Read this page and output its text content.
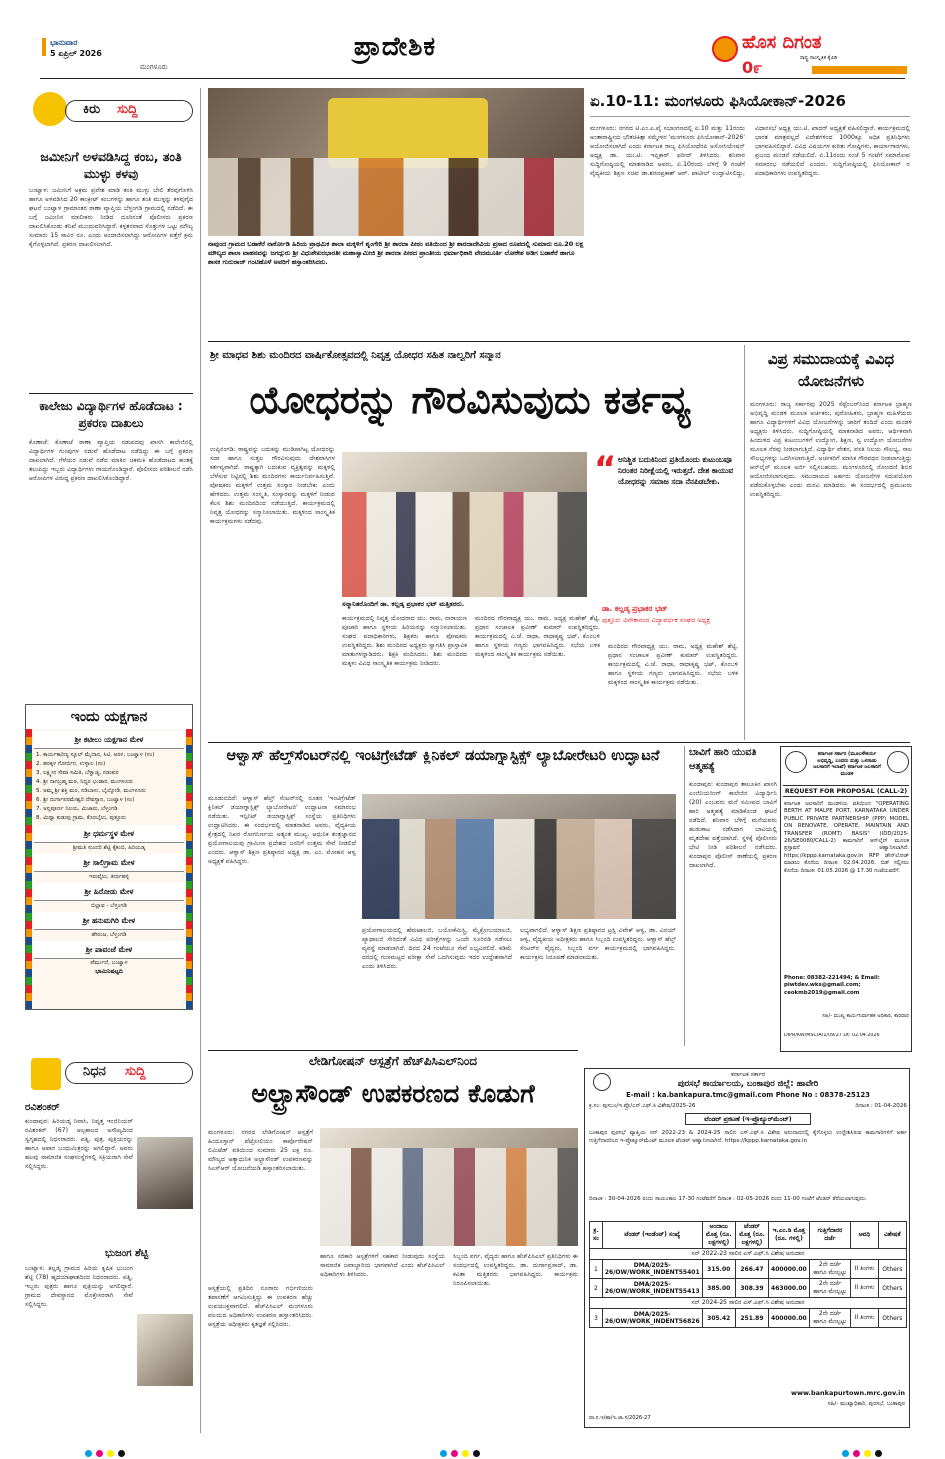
ಭಾನುವಾರ
5 ಏಪ್ರಿಲ್ 2026
ಮಂಗಳೂರು
ಪ್ರಾದೇಶಿಕ	ಹೊಸ ದಿಗಂತ
ರಾಷ್ಟ್ರ ಸಾಂಸ್ಕೃತಿಕ ಕೈಪಿಡಿ
0೯
ಕಿರು ಸುದ್ದಿ
ಜಮೀನಿಗೆ ಅಳವಡಿಸಿದ್ದ ಕಂಬ, ತಂತಿ ಮುಳ್ಳು ಕಳವು
ಬಂಟ್ವಾಳ: ಜಮೀನಿಗೆ ಅಕ್ರಮ ಪ್ರವೇಶ ಮಾಡಿ ತಂತಿ ಮುಳ್ಳು ಬೇಲಿ ತೆರವುಗೊಳಿಸಿ ಹಾಗೂ ಅಳವಡಿಸಿದ 20 ಕಾಂಕ್ರೀಟ್ ಕಂಬಗಳನ್ನು ಹಾಗೂ ತಂತಿ ಮುಳ್ಳನ್ನು ಕಳವುಗೈದ ಘಟನೆ ಬಂಟ್ವಾಳ ಗ್ರಾಮಾಂತರ ಠಾಣಾ ವ್ಯಾಪ್ತಿಯ ಬೆಳ್ತಂಗಡಿ ಗ್ರಾಮದಲ್ಲಿ ನಡೆದಿದೆ. ಈ ಬಗ್ಗೆ ಜಮೀನಿನ ಮಾಲೀಕರು ನೀಡಿದ ದೂರಿನಂತೆ ಪೊಲೀಸರು ಪ್ರಕರಣ ದಾಖಲಿಸಿಕೊಂಡು ತನಿಖೆ ಮುಂದುವರಿಸಿದ್ದಾರೆ. ಕಳ್ಳತನವಾದ ಸೊತ್ತುಗಳ ಒಟ್ಟು ಮೌಲ್ಯ ಸುಮಾರು 15 ಸಾವಿರ ರೂ. ಎಂದು ಅಂದಾಜಿಸಲಾಗಿದ್ದು ಆರೋಪಿಗಳ ಪತ್ತೆಗೆ ಕ್ರಮ ಕೈಗೊಳ್ಳಲಾಗಿದೆ. ಪ್ರಕರಣ ದಾಖಲಿಸಲಾಗಿದೆ.
ಕಾಲೇಜು ವಿದ್ಯಾರ್ಥಿಗಳ ಹೊಡೆದಾಟ : ಪ್ರಕರಣ ದಾಖಲು
ಕೊಣಾಜೆ: ಕೊಣಾಜೆ ಠಾಣಾ ವ್ಯಾಪ್ತಿಯ ನಡುಪದವು ಖಾಸಗಿ ಕಾಲೇಜಿನಲ್ಲಿ ವಿದ್ಯಾರ್ಥಿಗಳ ಗುಂಪುಗಳ ನಡುವೆ ಹೊಡೆದಾಟ ನಡೆದಿದ್ದು ಈ ಬಗ್ಗೆ ಪ್ರಕರಣ ದಾಖಲಾಗಿದೆ. ಗೆಳೆಯರ ನಡುವೆ ನಡೆದ ಮಾತಿನ ಚಕಮಕಿ ಹೊಡೆದಾಟದ ಹಂತಕ್ಕೆ ತಲುಪಿದ್ದು ಇಬ್ಬರು ವಿದ್ಯಾರ್ಥಿಗಳು ಗಾಯಗೊಂಡಿದ್ದಾರೆ. ಪೊಲೀಸರು ಪರಿಶೀಲನೆ ನಡೆಸಿ ಆರೋಪಿಗಳ ವಿರುದ್ಧ ಪ್ರಕರಣ ದಾಖಲಿಸಿಕೊಂಡಿದ್ದಾರೆ.
ಇಂದು ಯಕ್ಷಗಾನ
ಶ್ರೀ ಕಟೀಲು ಯಕ್ಷಗಾನ ಮೇಳ
1. ಕಾರ್ಯಕಾರಿಣ್ಯ ಸ್ಕೂಲ್ ಮೈದಾನ, ಸಿಟಿ, ಅರಳ, ಬಂಟ್ವಾಳ (ಸಂ)
2. ಹರಕ್ಕಳ ಗೋರ್ಬಿನ, ಉಳ್ಳಾಲ (ಸಂ)
3. ಲಕ್ಷ್ಮೀನ ಸೇವಾ ಸಮಿತಿ, ಬೆಳ್ವಾಡ್ಯ, ನಡುಕುರ
4. ಶ್ರೀ ನಾಗಬ್ರಹ್ಮ ಮಠ, ನಿಧ್ಯರ ಭಂಡಾರ, ಮಂಗಳೂರು
5. ಅಮ್ಮ ಶ್ರೀ ಶಕ್ತಿ ಮರ, ನಡಿಬಾಳು, ಬೈಲ್ಕೋಡಿ, ಮಂಗಳೂರು
6. ಶ್ರೀ ದುರ್ಗಾಪರಮೇಶ್ವರಿ ದೇವಸ್ಥಾನ, ಬಂಟ್ವಾಳ (ಸಂ)
7. ಅನ್ನಪೂರ್ಣ ನಿಲಯ, ಮಿಜಾರು, ಬೆಳ್ತಂಗಡಿ
8. ಮಿಥ್ಯಾ ಕುಡುಪು ಗ್ರಾಮ, ಕೊರಬೈಲು, ಪುತ್ತೂರು
ಶ್ರೀ ಧರ್ಮಸ್ಥಳ ಮೇಳ
ಶ್ರೀಮತಿ ಸುಂದರಿ ಶೆಟ್ಟಿ ಕೈಕಂಬಿ, ಹಿರಿಯಡ್ಕ
ಶ್ರೀ ಸಾಲಿಗ್ರಾಮ ಮೇಳ
ಇರುವೈಲು, ತೀರ್ಥಹಳ್ಳಿ
ಶ್ರೀ ಹಿರೋಡು ಮೇಳ
ಬಿಲ್ಲಾವ - ಬೆಳ್ತಂಗಡಿ
ಶ್ರೀ ಹನುಮಗಿರಿ ಮೇಳ
ಹೇರಂಜ, ಬೆಳ್ತಂಗಡಿ
ಶ್ರೀ ಪಾವಂಜೆ ಮೇಳ
ಪೆರ್ಮುದೆ, ಬಂಟ್ವಾಳ
ಭಾಮಿನಿಷಟ್ಪದಿ
ನಿಧನ ಸುದ್ದಿ
ರವಿಶಂಕರ್
ಕುಂದಾಪುರ: ಹಿರಿಯಡ್ಕ ನಿವಾಸಿ, ನಿವೃತ್ತ ಇಂಜಿನಿಯರ್ ರವಿಶಂಕರ್ (67) ಅಲ್ಪಕಾಲದ ಅಸೌಖ್ಯದಿಂದ ಸ್ವಗೃಹದಲ್ಲಿ ನಿಧನರಾದರು. ಪತ್ನಿ, ಪುತ್ರ, ಪುತ್ರಿಯರನ್ನು ಹಾಗೂ ಅಪಾರ ಬಂಧುಮಿತ್ರರನ್ನು ಅಗಲಿದ್ದಾರೆ. ಅವರು ಹಲವು ಸಾಮಾಜಿಕ ಸಂಘಸಂಸ್ಥೆಗಳಲ್ಲಿ ಸಕ್ರಿಯರಾಗಿ ಸೇವೆ ಸಲ್ಲಿಸಿದ್ದರು.
ಭುಜಂಗ ಶೆಟ್ಟಿ
ಬಂಟ್ವಾಳ: ಕಲ್ಲಡ್ಕ ಗ್ರಾಮದ ಹಿರಿಯ ಕೃಷಿಕ ಭುಜಂಗ ಶೆಟ್ಟಿ (78) ಹೃದಯಾಘಾತದಿಂದ ನಿಧನರಾದರು. ಪತ್ನಿ, ಇಬ್ಬರು ಪುತ್ರರು ಹಾಗೂ ಪುತ್ರಿಯನ್ನು ಅಗಲಿದ್ದಾರೆ. ಗ್ರಾಮದ ದೇವಸ್ಥಾನದ ಮೊಕ್ತೇಸರರಾಗಿ ಸೇವೆ ಸಲ್ಲಿಸಿದ್ದರು.
ನಾವುಂದ ಗ್ರಾಮದ ಬಡಾಕೆರೆ ನಾರ್ಕೋಡಿ ಹಿರಿಯ ಪ್ರಾಥಮಿಕ ಶಾಲಾ ಮಕ್ಕಳಿಗೆ ಶೃಂಗೇರಿ ಶ್ರೀ ಶಾರದಾ ಪೀಠಂ ವತಿಯಿಂದ ಶ್ರೀ ಶಾರದಾದೇವಿಯ ಪ್ರಸಾದ ರೂಪದಲ್ಲಿ ಸುಮಾರು ರೂ.20 ಲಕ್ಷ ಮೌಲ್ಯದ ಶಾಲಾ ವಾಹನವನ್ನು ಜಗದ್ಗುರು ಶ್ರೀ ವಿಧುಶೇಖರಭಾರತೀ ಮಹಾಸ್ವಾಮೀಜಿ ಶ್ರೀ ಶಾರದಾ ಪೀಠದ ಪ್ರಾಂತೀಯ ಧರ್ಮಾಧಿಕಾರಿ ವೇದಮೂರ್ತಿ ಲೋಕೇಶ ಅಡಿಗ ಬಡಾಕೆರೆ ಹಾಗೂ ಶಾಸಕ ಗುರುರಾಜ್ ಗಂಟಿಹೊಳೆ ಅವರಿಗೆ ಹಸ್ತಾಂತರಿಸಿದರು.
ಏ.10-11: ಮಂಗಳೂರು ಫಿಸಿಯೋಕಾನ್-2026
ಮಂಗಳೂರು: ನಗರದ ಟಿ.ಎಂ.ಎ.ಪೈ ಸಭಾಂಗಣದಲ್ಲಿ ಏ.10 ಮತ್ತು 11ರಂದು ಅಂತಾರಾಷ್ಟ್ರೀಯ ಭೌತಚಿಕಿತ್ಸಾ ಸಮ್ಮೇಳನ 'ಮಂಗಳೂರು ಫಿಸಿಯೋಕಾನ್-2026' ಆಯೋಜಿಸಲಾಗಿದೆ ಎಂದು ಕರ್ನಾಟಕ ರಾಜ್ಯ ಫಿಸಿಯೋಥೆರಪಿ ಅಸೋಸಿಯೇಷನ್ ಅಧ್ಯಕ್ಷ ಡಾ. ಯು.ಟಿ. ಇಫ್ತಿಕಾರ್ ಫರೀದ್ ತಿಳಿಸಿದರು. ಶನಿವಾರ ಸುದ್ದಿಗೋಷ್ಠಿಯಲ್ಲಿ ಮಾತನಾಡಿದ ಅವರು, ಏ.10ರಂದು ಬೆಳಿಗ್ಗೆ 9 ಗಂಟೆಗೆ ವೈದ್ಯಕೀಯ ಶಿಕ್ಷಣ ಸಚಿವ ಡಾ.ಶರಣಪ್ರಕಾಶ್ ಆರ್. ಪಾಟೀಲ್ ಉದ್ಘಾಟಿಸಲಿದ್ದು, ವಿಧಾನಸಭೆ ಅಧ್ಯಕ್ಷ ಯು.ಟಿ. ಖಾದರ್ ಅಧ್ಯಕ್ಷತೆ ವಹಿಸಲಿದ್ದಾರೆ. ಕಾರ್ಯಕ್ರಮದಲ್ಲಿ ಭಾರತ ಮಾತ್ರವಲ್ಲದೆ ವಿದೇಶಗಳಿಂದ 1000ಕ್ಕೂ ಅಧಿಕ ಪ್ರತಿನಿಧಿಗಳು ಭಾಗವಹಿಸಲಿದ್ದಾರೆ. ವಿವಿಧ ವಿಷಯಗಳ ಕುರಿತು ಗೋಷ್ಠಿಗಳು, ಕಾರ್ಯಾಗಾರಗಳು, ಪ್ರಬಂಧ ಮಂಡನೆ ನಡೆಯಲಿದೆ. ಏ.11ರಂದು ಸಂಜೆ 5 ಗಂಟೆಗೆ ಸಮಾರೋಪ ಸಮಾರಂಭ ನಡೆಯಲಿದೆ ಎಂದರು. ಸುದ್ದಿಗೋಷ್ಠಿಯಲ್ಲಿ ಫಿಸಿಯೋಕಾನ್ ನ ಪದಾಧಿಕಾರಿಗಳು ಉಪಸ್ಥಿತರಿದ್ದರು.
ಶ್ರೀ ಮಾಧವ ಶಿಶು ಮಂದಿರದ ವಾರ್ಷಿಕೋತ್ಸವದಲ್ಲಿ ನಿವೃತ್ತ ಯೋಧರ ಸಹಿತ ನಾಲ್ವರಿಗೆ ಸನ್ಮಾನ
ಯೋಧರನ್ನು ಗೌರವಿಸುವುದು ಕರ್ತವ್ಯ
ಉಪ್ಪಿನಂಗಡಿ: ರಾಷ್ಟ್ರವನ್ನು ಬದುಕನ್ನು ಮುಡಿಪಾಗಿಟ್ಟ ಯೋಧರನ್ನು ಸದಾ ಹಾಗೂ ಸುತ್ತಲ ಗೌರವಿಸುವುದು ದೇಶವಾಸಿಗಳ ಕರ್ತವ್ಯವಾಗಿದೆ. ರಾಷ್ಟ್ರಕ್ಕಾಗಿ ಬದುಕುವ ವ್ಯಕ್ತಿತ್ವವನ್ನು ಮಕ್ಕಳಲ್ಲಿ ಬೆಳೆಸುವ ನಿಟ್ಟಿನಲ್ಲಿ ಶಿಶು ಮಂದಿರಗಳು ಕಾರ್ಯನಿರ್ವಹಿಸುತ್ತಿವೆ. ಪೋಷಕರು ಮಕ್ಕಳಿಗೆ ಉತ್ತಮ ಸಂಸ್ಕಾರ ನೀಡಬೇಕು ಎಂದು ಹೇಳಿದರು. ಉತ್ತಮ ಸಂಸ್ಕೃತಿ, ಸಂಸ್ಕಾರವನ್ನು ಮಕ್ಕಳಿಗೆ ನೀಡುವ ಕೆಲಸ ಶಿಶು ಮಂದಿರದಿಂದ ನಡೆಯುತ್ತಿದೆ. ಕಾರ್ಯಕ್ರಮದಲ್ಲಿ ನಿವೃತ್ತ ಯೋಧರನ್ನು ಸನ್ಮಾನಿಸಲಾಯಿತು. ಮಕ್ಕಳಿಂದ ಸಾಂಸ್ಕೃತಿಕ ಕಾರ್ಯಕ್ರಮಗಳು ನಡೆದವು.
ಸನ್ಮಾನಿತರೊಂದಿಗೆ ಡಾ. ಕಲ್ಲಡ್ಕ ಪ್ರಭಾಕರ ಭಟ್ ಮತ್ತಿತರರು.
“ ಅನಿಶ್ಚಿತ ಬದುಕಿನಿಂದ ಪ್ರತಿಯೊಂದು ಕುಟುಂಬವೂ ನಿರಂತರ ನಿರೀಕ್ಷೆಯಲ್ಲಿ ಇರುತ್ತದೆ. ದೇಶ ಕಾಯುವ ಯೋಧರನ್ನು ಸಮಾಜ ಸದಾ ನೆನಪಿಡಬೇಕು.
ಡಾ. ಕಲ್ಲಡ್ಕ ಪ್ರಭಾಕರ ಭಟ್
ಪುತ್ತೂರು ವಿವೇಕಾನಂದ ವಿದ್ಯಾವರ್ಧಕ ಸಂಘದ ಅಧ್ಯಕ್ಷ
ಕಾರ್ಯಕ್ರಮದಲ್ಲಿ ನಿವೃತ್ತ ಯೋಧರಾದ ಯು. ರಾಮ, ನಾರಾಯಣ ಪೂಜಾರಿ ಹಾಗೂ ಸ್ಥಳೀಯ ಹಿರಿಯರನ್ನು ಸನ್ಮಾನಿಸಲಾಯಿತು. ಸಂಘದ ಪದಾಧಿಕಾರಿಗಳು, ಶಿಕ್ಷಕರು ಹಾಗೂ ಪೋಷಕರು ಉಪಸ್ಥಿತರಿದ್ದರು. ಶಿಶು ಮಂದಿರದ ಅಧ್ಯಕ್ಷರು ಸ್ವಾಗತಿಸಿ ಪ್ರಾಸ್ತಾವಿಕ ಮಾತುಗಳನ್ನಾಡಿದರು. ಶಿಕ್ಷಕಿ ವಂದಿಸಿದರು. ಶಿಶು ಮಂದಿರದ ಮಕ್ಕಳು ವಿವಿಧ ಸಾಂಸ್ಕೃತಿಕ ಕಾರ್ಯಕ್ರಮ ನೀಡಿದರು.
ಮಂದಿರದ ಗೌರವಾಧ್ಯಕ್ಷ ಯು. ರಾಮ, ಅಧ್ಯಕ್ಷ ಮಹೇಶ್ ಶೆಟ್ಟಿ, ಪ್ರಧಾನ ಸಂಚಾಲಕ ಪ್ರವೀಣ್ ಕುಮಾರ್ ಉಪಸ್ಥಿತರಿದ್ದರು. ಕಾರ್ಯಕ್ರಮದಲ್ಲಿ ವಿ.ಜೆ. ರಾಧಾ, ರಾಧಾಕೃಷ್ಣ ಭಟ್, ಕೊಂಬಳಿ ಹಾಗೂ ಸ್ಥಳೀಯ ಗಣ್ಯರು ಭಾಗವಹಿಸಿದ್ದರು. ಸಭೆಯ ಬಳಿಕ ಮಕ್ಕಳಿಂದ ಸಾಂಸ್ಕೃತಿಕ ಕಾರ್ಯಕ್ರಮ ನಡೆಯಿತು.
ಮಂದಿರದ ಗೌರವಾಧ್ಯಕ್ಷ ಯು. ರಾಮ, ಅಧ್ಯಕ್ಷ ಮಹೇಶ್ ಶೆಟ್ಟಿ, ಪ್ರಧಾನ ಸಂಚಾಲಕ ಪ್ರವೀಣ್ ಕುಮಾರ್ ಉಪಸ್ಥಿತರಿದ್ದರು. ಕಾರ್ಯಕ್ರಮದಲ್ಲಿ ವಿ.ಜೆ. ರಾಧಾ, ರಾಧಾಕೃಷ್ಣ ಭಟ್, ಕೊಂಬಳಿ ಹಾಗೂ ಸ್ಥಳೀಯ ಗಣ್ಯರು ಭಾಗವಹಿಸಿದ್ದರು. ಸಭೆಯ ಬಳಿಕ ಮಕ್ಕಳಿಂದ ಸಾಂಸ್ಕೃತಿಕ ಕಾರ್ಯಕ್ರಮ ನಡೆಯಿತು.
ವಿಪ್ರ ಸಮುದಾಯಕ್ಕೆ ವಿವಿಧ ಯೋಜನೆಗಳು
ಮಂಗಳೂರು: ರಾಜ್ಯ ಸರ್ಕಾರವು 2025 ಸೆಪ್ಟೆಂಬರ್‌ನಿಂದ ಕರ್ನಾಟಕ ಬ್ರಾಹ್ಮಣ ಅಭಿವೃದ್ಧಿ ಮಂಡಳಿ ಮೂಲಕ ಅರ್ಚಕರು, ಪುರೋಹಿತರು, ಬ್ರಾಹ್ಮಣ ಮಹಿಳೆಯರು ಹಾಗೂ ವಿದ್ಯಾರ್ಥಿಗಳಿಗೆ ವಿವಿಧ ಯೋಜನೆಗಳನ್ನು ಜಾರಿಗೆ ತಂದಿದೆ ಎಂದು ಮಂಡಳಿ ಅಧ್ಯಕ್ಷರು ತಿಳಿಸಿದರು. ಸುದ್ದಿಗೋಷ್ಠಿಯಲ್ಲಿ ಮಾತನಾಡಿದ ಅವರು, ಆರ್ಥಿಕವಾಗಿ ಹಿಂದುಳಿದ ವಿಪ್ರ ಕುಟುಂಬಗಳಿಗೆ ಉದ್ಯೋಗ, ಶಿಕ್ಷಣ, ಸ್ವ ಉದ್ಯೋಗ ಯೋಜನೆಗಳ ಮೂಲಕ ನೆರವು ನೀಡಲಾಗುತ್ತಿದೆ. ವಿದ್ಯಾರ್ಥಿ ವೇತನ, ವಸತಿ ನಿಲಯ ಸೌಲಭ್ಯ, ಸಾಲ ಸೌಲಭ್ಯಗಳನ್ನು ಒದಗಿಸಲಾಗುತ್ತಿದೆ. ಅರ್ಚಕರಿಗೆ ಮಾಸಿಕ ಗೌರವಧನ ನೀಡಲಾಗುತ್ತಿದ್ದು ಆನ್‌ಲೈನ್ ಮೂಲಕ ಅರ್ಜಿ ಸಲ್ಲಿಸಬಹುದು. ಮಂಗಳೂರಿನಲ್ಲಿ ನೋಂದಣಿ ಶಿಬಿರ ಆಯೋಜಿಸಲಾಗುವುದು. ಸಮುದಾಯದ ಅರ್ಹರು ಯೋಜನೆಗಳ ಸದುಪಯೋಗ ಪಡೆದುಕೊಳ್ಳಬೇಕು ಎಂದು ಮನವಿ ಮಾಡಿದರು. ಈ ಸಂದರ್ಭದಲ್ಲಿ ಪ್ರಮುಖರು ಉಪಸ್ಥಿತರಿದ್ದರು.
ಆಳ್ವಾಸ್ ಹೆಲ್ತ್‌ಸೆಂಟರ್‌ನಲ್ಲಿ ಇಂಟಿಗ್ರೇಟೆಡ್ ಕ್ಲಿನಿಕಲ್ ಡಯಾಗ್ನಾಸ್ಟಿಕ್ಸ್ ಲ್ಯಾಬೋರೇಟರಿ ಉದ್ಘಾಟನೆ
ಮೂಡುಬಿದಿರೆ: ಆಳ್ವಾಸ್ ಹೆಲ್ತ್ ಸೆಂಟರ್‌ನಲ್ಲಿ ನೂತನ 'ಇಂಟಿಗ್ರೇಟೆಡ್ ಕ್ಲಿನಿಕಲ್ ಡಯಾಗ್ನಾಸ್ಟಿಕ್ಸ್ ಲ್ಯಾಬೋರೇಟರಿ' ಉದ್ಘಾಟನಾ ಸಮಾರಂಭ ನಡೆಯಿತು. ಇನ್ಫಿನಿಟ್ ಡಯಾಗ್ನಾಸ್ಟಿಕ್ಸ್ ಸಂಸ್ಥೆಯ ಪ್ರತಿನಿಧಿಗಳು ಉದ್ಘಾಟಿಸಿದರು. ಈ ಸಂದರ್ಭದಲ್ಲಿ ಮಾತನಾಡಿದ ಅವರು, ವೈದ್ಯಕೀಯ ಕ್ಷೇತ್ರದಲ್ಲಿ ನಿಖರ ರೋಗನಿರ್ಣಯ ಅತ್ಯಂತ ಮುಖ್ಯ. ಆಧುನಿಕ ತಂತ್ರಜ್ಞಾನದ ಪ್ರಯೋಗಾಲಯವು ಗ್ರಾಮೀಣ ಪ್ರದೇಶದ ಜನರಿಗೆ ಉತ್ತಮ ಸೇವೆ ನೀಡಲಿದೆ ಎಂದರು. ಆಳ್ವಾಸ್ ಶಿಕ್ಷಣ ಪ್ರತಿಷ್ಠಾನದ ಅಧ್ಯಕ್ಷ ಡಾ. ಎಂ. ಮೋಹನ ಆಳ್ವ ಅಧ್ಯಕ್ಷತೆ ವಹಿಸಿದ್ದರು.
ಪ್ರಯೋಗಾಲಯದಲ್ಲಿ ಹೆಮಟಾಲಜಿ, ಬಯೋಕೆಮಿಸ್ಟ್ರಿ, ಮೈಕ್ರೋಬಯಾಲಜಿ, ಪ್ಯಾಥಾಲಜಿ ಸೇರಿದಂತೆ ವಿವಿಧ ಪರೀಕ್ಷೆಗಳನ್ನು ಒಂದೇ ಸೂರಿನಡಿ ನಡೆಸಲು ವ್ಯವಸ್ಥೆ ಮಾಡಲಾಗಿದೆ. ದಿನದ 24 ಗಂಟೆಯೂ ಸೇವೆ ಲಭ್ಯವಿರಲಿದೆ. ಕಡಿಮೆ ದರದಲ್ಲಿ ಗುಣಮಟ್ಟದ ಪರೀಕ್ಷಾ ಸೇವೆ ಒದಗಿಸುವುದು ಇದರ ಉದ್ದೇಶವಾಗಿದೆ ಎಂದು ತಿಳಿಸಿದರು.
ಲಭ್ಯವಾಗಲಿದೆ. ಆಳ್ವಾಸ್ ಶಿಕ್ಷಣ ಪ್ರತಿಷ್ಠಾನದ ಟ್ರಸ್ಟಿ ವಿವೇಕ್ ಆಳ್ವ, ಡಾ. ವಿನಯ್ ಆಳ್ವ, ವೈದ್ಯಕೀಯ ಅಧೀಕ್ಷಕರು ಹಾಗೂ ಸಿಬ್ಬಂದಿ ಉಪಸ್ಥಿತರಿದ್ದರು. ಆಳ್ವಾಸ್ ಹೆಲ್ತ್ ಸೆಂಟರ್‌ನ ವೈದ್ಯರು, ಸಿಬ್ಬಂದಿ ವರ್ಗ ಕಾರ್ಯಕ್ರಮದಲ್ಲಿ ಭಾಗವಹಿಸಿದ್ದರು. ಕಾರ್ಯಕ್ರಮ ನಿರೂಪಣೆ ಮಾಡಲಾಯಿತು.
ಬಾವಿಗೆ ಹಾರಿ ಯುವತಿ ಆತ್ಮಹತ್ಯೆ
ಕುಂದಾಪುರ: ಕುಂದಾಪುರ ತಾಲೂಕಿನ ಖಾಸಗಿ ಎಂಜಿನಿಯರಿಂಗ್ ಕಾಲೇಜಿನ ವಿದ್ಯಾರ್ಥಿನಿ (20) ಎಂಬವರು ಮನೆ ಸಮೀಪದ ಬಾವಿಗೆ ಹಾರಿ ಆತ್ಮಹತ್ಯೆ ಮಾಡಿಕೊಂಡ ಘಟನೆ ನಡೆದಿದೆ. ಶನಿವಾರ ಬೆಳಿಗ್ಗೆ ಮನೆಯವರು ಹುಡುಕಾಟ ನಡೆಸಿದಾಗ ಬಾವಿಯಲ್ಲಿ ಮೃತದೇಹ ಪತ್ತೆಯಾಗಿದೆ. ಸ್ಥಳಕ್ಕೆ ಪೊಲೀಸರು ಭೇಟಿ ನೀಡಿ ಪರಿಶೀಲನೆ ನಡೆಸಿದರು. ಕುಂದಾಪುರ ಪೊಲೀಸ್ ಠಾಣೆಯಲ್ಲಿ ಪ್ರಕರಣ ದಾಖಲಾಗಿದೆ.
ಕರ್ನಾಟಕ ಸರ್ಕಾರ (ಮೂಲಸೌಕರ್ಯ ಅಭಿವೃದ್ಧಿ, ಬಂದರು ಮತ್ತು ಒಳನಾಡು ಜಲಸಾರಿಗೆ ಇಲಾಖೆ) ಕರ್ನಾಟಕ ಜಲಸಾರಿಗೆ ಮಂಡಳಿ
REQUEST FOR PROPOSAL (CALL-2)
ಕರ್ನಾಟಕ ಜಲಸಾರಿಗೆ ಮಂಡಳಿಯ ವತಿಯಿಂದ "OPERATING BERTH AT MALPE PORT, KARNATAKA UNDER PUBLIC PRIVATE PARTNERSHIP (PPP) MODEL ON RENOVATE, OPERATE, MAINTAIN AND TRANSFER (ROMT) BASIS" (IDD/2025-26/SE0080/CALL-2) ಕಾಮಗಾರಿಗೆ ಆನ್‌ಲೈನ್ ಮೂಲಕ ಪ್ರಸ್ತಾವನೆ ಆಹ್ವಾನಿಸಲಾಗಿದೆ. https://kppp.karnataka.gov.in RFP ಡೌನ್‌ಲೋಡ್ ಮಾಡಲು ಕೊನೆಯ ದಿನಾಂಕ: 02.04.2026. ಬಿಡ್ ಸಲ್ಲಿಸಲು ಕೊನೆಯ ದಿನಾಂಕ: 01.05.2026 @ 17.30 ಗಂಟೆಯವರೆಗೆ.
Phone: 08382-221494; & Email: piwtdev.wks@gmail.com; ceokmb2019@gmail.com
ಸಹಿ/- ಮುಖ್ಯ ಕಾರ್ಯನಿರ್ವಾಹಕ ಅಧಿಕಾರಿ, ಕಾರವಾರ
DIPR/KW/MSC/A/1/09/27 Dt: 02.04.2026
ಲೇಡಿಗೋಷನ್ ಆಸ್ಪತ್ರೆಗೆ ಹೆಚ್‌ಪಿಸಿಎಲ್‌ನಿಂದ
ಅಲ್ಟ್ರಾಸೌಂಡ್ ಉಪಕರಣದ ಕೊಡುಗೆ
ಮಂಗಳೂರು: ನಗರದ ಲೇಡಿಗೋಷನ್ ಆಸ್ಪತ್ರೆಗೆ ಹಿಂದೂಸ್ತಾನ್ ಪೆಟ್ರೋಲಿಯಂ ಕಾರ್ಪೊರೇಷನ್ ಲಿಮಿಟೆಡ್ ವತಿಯಿಂದ ಸುಮಾರು 25 ಲಕ್ಷ ರೂ. ಮೌಲ್ಯದ ಅತ್ಯಾಧುನಿಕ ಅಲ್ಟ್ರಾಸೌಂಡ್ ಉಪಕರಣವನ್ನು ಸಿಎಸ್ಆರ್ ಯೋಜನೆಯಡಿ ಹಸ್ತಾಂತರಿಸಲಾಯಿತು.
ಆಸ್ಪತ್ರೆಯಲ್ಲಿ ಪ್ರತಿದಿನ ನೂರಾರು ಗರ್ಭಿಣಿಯರು ತಪಾಸಣೆಗೆ ಆಗಮಿಸುತ್ತಿದ್ದು ಈ ಉಪಕರಣ ಹೆಚ್ಚು ಉಪಯುಕ್ತವಾಗಲಿದೆ. ಹೆಚ್‌ಪಿಸಿಎಲ್ ಮಂಗಳೂರು ವಲಯದ ಅಧಿಕಾರಿಗಳು ಉಪಕರಣ ಹಸ್ತಾಂತರಿಸಿದರು. ಆಸ್ಪತ್ರೆಯ ಅಧೀಕ್ಷಕರು ಕೃತಜ್ಞತೆ ಸಲ್ಲಿಸಿದರು.
ಹಾಗೂ ಸರಕಾರಿ ಆಸ್ಪತ್ರೆಗಳಿಗೆ ಸಹಕಾರ ನೀಡುವುದು ಸಂಸ್ಥೆಯ ಸಾಮಾಜಿಕ ಜವಾಬ್ದಾರಿಯ ಭಾಗವಾಗಿದೆ ಎಂದು ಹೆಚ್‌ಪಿಸಿಎಲ್ ಅಧಿಕಾರಿಗಳು ತಿಳಿಸಿದರು.
ಸಿಬ್ಬಂದಿ ವರ್ಗ, ವೈದ್ಯರು ಹಾಗೂ ಹೆಚ್‌ಪಿಸಿಎಲ್ ಪ್ರತಿನಿಧಿಗಳು ಈ ಸಂದರ್ಭದಲ್ಲಿ ಉಪಸ್ಥಿತರಿದ್ದರು. ಡಾ. ದುರ್ಗಾಪ್ರಸಾದ್, ಡಾ. ಕವಿತಾ ಮತ್ತಿತರರು ಭಾಗವಹಿಸಿದ್ದರು. ಕಾರ್ಯಕ್ರಮ ನಿರೂಪಿಸಲಾಯಿತು.
ಕರ್ನಾಟಕ ಸರ್ಕಾರ
ಪುರಸಭೆ ಕಾರ್ಯಾಲಯ, ಬಂಕಾಪುರ ಜಿಲ್ಲೆ: ಹಾವೇರಿ
E-mail : ka.bankapura.tmc@gmail.com Phone No : 08378-25123
ಕ್ರ.ಸಂ: ಪುಸಬಂ/ಇ.ಪ್ರೊ/ಎನ್.ಎಫ್.ಸಿ ವಿಶೇಷ/2025-26	ದಿನಾಂಕ : 01-04-2026
ಟೆಂಡರ್ ಪ್ರಕಟಣೆ (ಇ-ಪ್ರೊಕ್ಯೂರ್‌ಮೆಂಟ್)
ಬಂಕಾಪುರ ಪುರಸಭೆ ವ್ಯಾಪ್ತಿಯ ಸನ್ 2022-23 & 2024-25 ಸಾಲಿನ ಎಸ್.ಎಫ್.ಸಿ ವಿಶೇಷ ಅನುದಾನದಲ್ಲಿ ಕೈಗೊಳ್ಳಲು ಉದ್ದೇಶಿಸಿರುವ ಕಾಮಗಾರಿಗಳಿಗೆ ಅರ್ಹ ಗುತ್ತಿಗೆದಾರರಿಂದ ಇ-ಪ್ರೊಕ್ಯೂರ್‌ಮೆಂಟ್ ಮೂಲಕ ಟೆಂಡರ್ ಆಹ್ವಾನಿಸಲಾಗಿದೆ. https://kppp.karnataka.gov.in
ದಿನಾಂಕ : 30-04-2026 ರಂದು ಸಾಯಂಕಾಲ 17-30 ಗಂಟೆವರೆಗೆ ದಿನಾಂಕ : 02-05-2026 ರಂದು 11-00 ಗಂಟೆಗೆ ಟೆಂಡರ್ ತೆರೆಯಲಾಗುವುದು.
ಕ್ರ. ಸಂ	ಟೆಂಡರ್ (ಇಂಡೆಂಟ್) ಸಂಖ್ಯೆ	ಅಂದಾಜು ಮೊತ್ತ (ರೂ. ಲಕ್ಷಗಳಲ್ಲಿ)	ಟೆಂಡರ್ ಮೊತ್ತ (ರೂ. ಲಕ್ಷಗಳಲ್ಲಿ)	ಇ.ಎಂ.ಡಿ ಮೊತ್ತ (ರೂ. ಗಳಲ್ಲಿ)	ಗುತ್ತಿಗೆದಾರರ ದರ್ಜೆ	ಅವಧಿ	ವಿಶೇಷತೆ
ಸನ್ 2022-23 ಸಾಲಿನ ಎಸ್.ಎಫ್.ಸಿ ವಿಶೇಷ ಅನುದಾನ							
1	DMA/2025-26/OW/WORK_INDENT55401	315.00	266.47	400000.00	2ನೇ ದರ್ಜೆ ಹಾಗೂ ಮೇಲ್ಪಟ್ಟು	II ತಿಂಗಳು	Others
2	DMA/2025-26/OW/WORK_INDENT55413	385.00	308.39	463000.00	2ನೇ ದರ್ಜೆ ಹಾಗೂ ಮೇಲ್ಪಟ್ಟು	II ತಿಂಗಳು	Others
ಸನ್ 2024-25 ಸಾಲಿನ ಎಸ್.ಎಫ್.ಸಿ ವಿಶೇಷ ಅನುದಾನ							
3	DMA/2025-26/OW/WORK_INDENT56826	305.42	251.89	400000.00	2ನೇ ದರ್ಜೆ ಹಾಗೂ ಮೇಲ್ಪಟ್ಟು	II ತಿಂಗಳು	Others
www.bankapurtown.mrc.gov.in
ಸಹಿ/- ಮುಖ್ಯಾಧಿಕಾರಿ, ಪುರಸಭೆ, ಬಂಕಾಪುರ
ವಾ.ಸ.ಇ/ಹಾ/ಇ.ಜಾ.ಸ/2026-27
